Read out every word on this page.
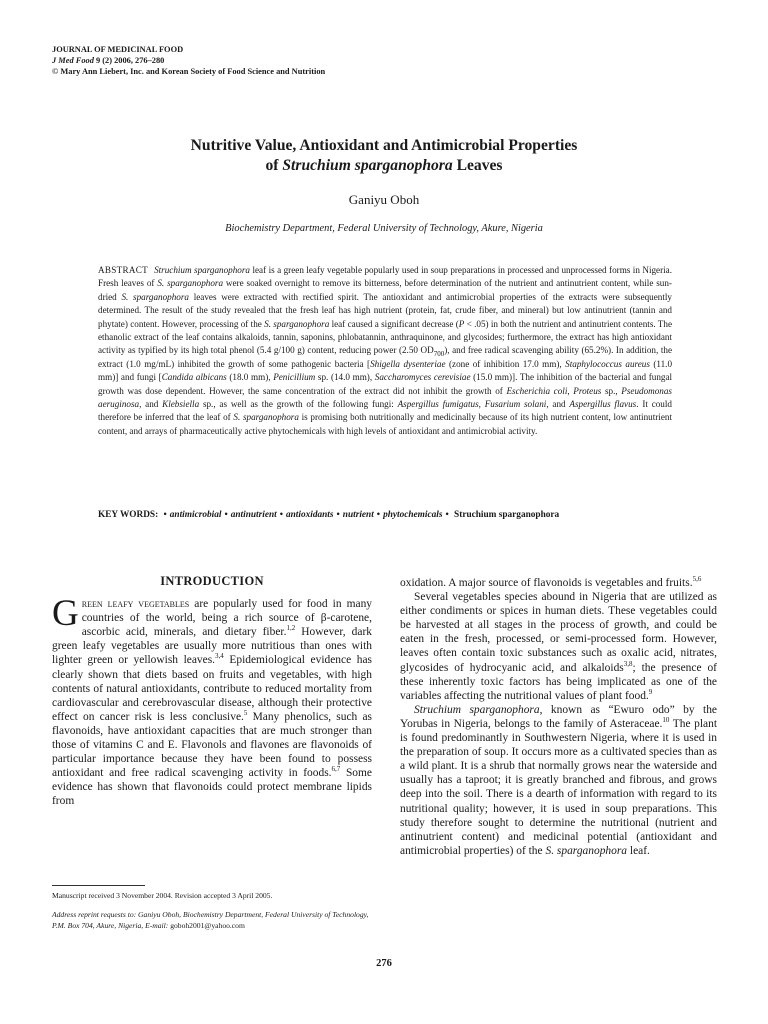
JOURNAL OF MEDICINAL FOOD
J Med Food 9 (2) 2006, 276–280
© Mary Ann Liebert, Inc. and Korean Society of Food Science and Nutrition
Nutritive Value, Antioxidant and Antimicrobial Properties
of Struchium sparganophora Leaves
Ganiyu Oboh
Biochemistry Department, Federal University of Technology, Akure, Nigeria
ABSTRACT Struchium sparganophora leaf is a green leafy vegetable popularly used in soup preparations in processed and unprocessed forms in Nigeria. Fresh leaves of S. sparganophora were soaked overnight to remove its bitterness, before determination of the nutrient and antinutrient content, while sun-dried S. sparganophora leaves were extracted with rectified spirit. The antioxidant and antimicrobial properties of the extracts were subsequently determined. The result of the study revealed that the fresh leaf has high nutrient (protein, fat, crude fiber, and mineral) but low antinutrient (tannin and phytate) content. However, processing of the S. sparganophora leaf caused a significant decrease (P < .05) in both the nutrient and antinutrient contents. The ethanolic extract of the leaf contains alkaloids, tannin, saponins, phlobatannin, anthraquinone, and glycosides; furthermore, the extract has high antioxidant activity as typified by its high total phenol (5.4 g/100 g) content, reducing power (2.50 $OD_{700}$), and free radical scavenging ability (65.2%). In addition, the extract (1.0 mg/mL) inhibited the growth of some pathogenic bacteria [Shigella dysenteriae (zone of inhibition 17.0 mm), Staphylococcus aureus (11.0 mm)] and fungi [Candida albicans (18.0 mm), Penicillium sp. (14.0 mm), Saccharomyces cerevisiae (15.0 mm)]. The inhibition of the bacterial and fungal growth was dose dependent. However, the same concentration of the extract did not inhibit the growth of Escherichia coli, Proteus sp., Pseudomonas aeruginosa, and Klebsiella sp., as well as the growth of the following fungi: Aspergillus fumigatus, Fusarium solani, and Aspergillus flavus. It could therefore be inferred that the leaf of S. sparganophora is promising both nutritionally and medicinally because of its high nutrient content, low antinutrient content, and arrays of pharmaceutically active phytochemicals with high levels of antioxidant and antimicrobial activity.
KEY WORDS: • antimicrobial • antinutrient • antioxidants • nutrient • phytochemicals • Struchium sparganophora
INTRODUCTION

Green leafy vegetables are popularly used for food in many countries of the world, being a rich source of β-carotene, ascorbic acid, minerals, and dietary fiber.$^{1,2}$ However, dark green leafy vegetables are usually more nutritious than ones with lighter green or yellowish leaves.$^{3,4}$ Epidemiological evidence has clearly shown that diets based on fruits and vegetables, with high contents of natural antioxidants, contribute to reduced mortality from cardiovascular and cerebrovascular disease, although their protective effect on cancer risk is less conclusive.$^5$ Many phenolics, such as flavonoids, have antioxidant capacities that are much stronger than those of vitamins C and E. Flavonols and flavones are flavonoids of particular importance because they have been found to possess antioxidant and free radical scavenging activity in foods.$^{6,7}$ Some evidence has shown that flavonoids could protect membrane lipids from

oxidation. A major source of flavonoids is vegetables and fruits.$^{5,6}$

Several vegetables species abound in Nigeria that are utilized as either condiments or spices in human diets. These vegetables could be harvested at all stages in the process of growth, and could be eaten in the fresh, processed, or semi-processed form. However, leaves often contain toxic substances such as oxalic acid, nitrates, glycosides of hydrocyanic acid, and alkaloids$^{3,8}$; the presence of these inherently toxic factors has being implicated as one of the variables affecting the nutritional values of plant food.$^9$

Struchium sparganophora, known as “Ewuro odo” by the Yorubas in Nigeria, belongs to the family of Asteraceae.$^{10}$ The plant is found predominantly in Southwestern Nigeria, where it is used in the preparation of soup. It occurs more as a cultivated species than as a wild plant. It is a shrub that normally grows near the waterside and usually has a taproot; it is greatly branched and fibrous, and grows deep into the soil. There is a dearth of information with regard to its nutritional quality; however, it is used in soup preparations. This study therefore sought to determine the nutritional (nutrient and antinutrient content) and medicinal potential (antioxidant and antimicrobial properties) of the S. sparganophora leaf.

Manuscript received 3 November 2004. Revision accepted 3 April 2005.
Address reprint requests to: Ganiyu Oboh, Biochemistry Department, Federal University of Technology, P.M. Box 704, Akure, Nigeria, E-mail: goboh2001@yahoo.com
276
